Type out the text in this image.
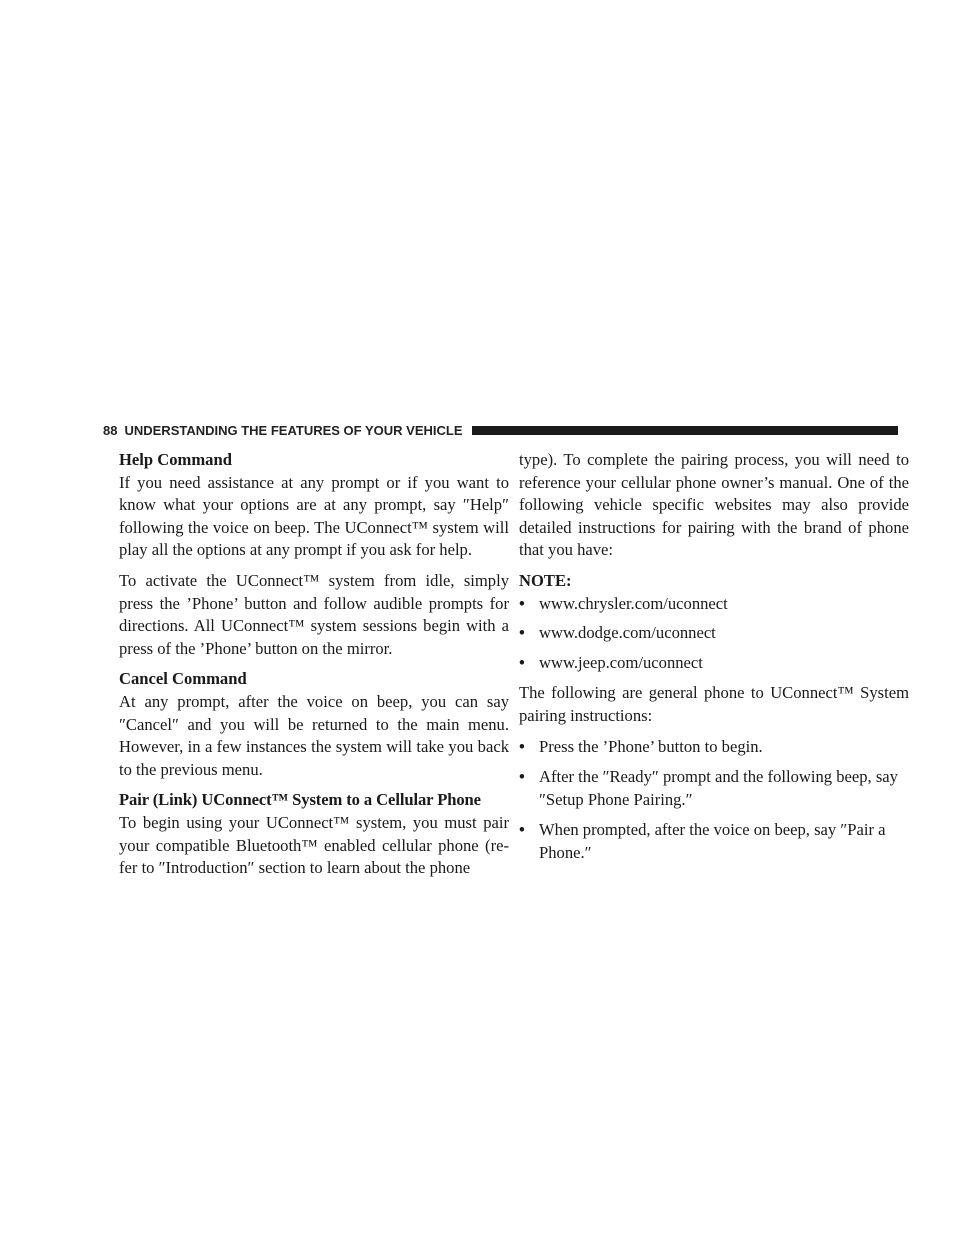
88 UNDERSTANDING THE FEATURES OF YOUR VEHICLE
Help Command

If you need assistance at any prompt or if you want to know what your options are at any prompt, say ″Help″ following the voice on beep. The UConnect™ system will play all the options at any prompt if you ask for help.

To activate the UConnect™ system from idle, simply press the ’Phone’ button and follow audible prompts for directions. All UConnect™ system sessions begin with a press of the ’Phone’ button on the mirror.

Cancel Command

At any prompt, after the voice on beep, you can say ″Cancel″ and you will be returned to the main menu. However, in a few instances the system will take you back to the previous menu.

Pair (Link) UConnect™ System to a Cellular Phone

To begin using your UConnect™ system, you must pair your compatible Bluetooth™ enabled cellular phone (re-fer to ″Introduction″ section to learn about the phone

type). To complete the pairing process, you will need to reference your cellular phone owner’s manual. One of the following vehicle specific websites may also provide detailed instructions for pairing with the brand of phone that you have:

NOTE:
• www.chrysler.com/uconnect
• www.dodge.com/uconnect
• www.jeep.com/uconnect

The following are general phone to UConnect™ System pairing instructions:

• Press the ’Phone’ button to begin.
• After the ″Ready″ prompt and the following beep, say ″Setup Phone Pairing.″
• When prompted, after the voice on beep, say ″Pair a Phone.″
